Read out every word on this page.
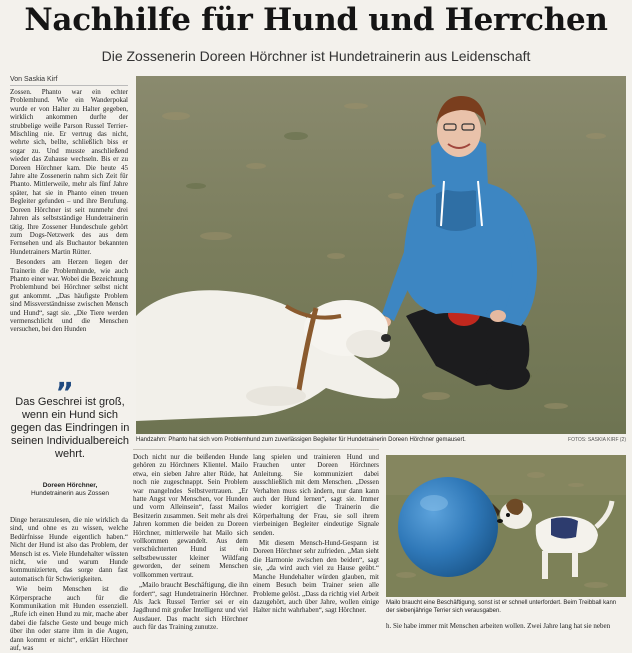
Nachhilfe für Hund und Herrchen
Die Zossenerin Doreen Hörchner ist Hundetrainerin aus Leidenschaft
Von Saskia Kirf

Zossen. Phanto war ein echter Problemhund. Wie ein Wanderpokal wurde er von Halter zu Halter gegeben, wirklich ankommen durfte der strubbelige weiße Parson Russel Terrier-Mischling nie. Er vertrug das nicht, wehrte sich, bellte, schließlich biss er sogar zu. Und musste anschließend wieder das Zuhause wechseln. Bis er zu Doreen Hörchner kam. Die heute 45 Jahre alte Zossenerin nahm sich Zeit für Phanto. Mittlerweile, mehr als fünf Jahre später, hat sie in Phanto einen treuen Begleiter gefunden – und ihre Berufung. Doreen Hörchner ist seit nunmehr drei Jahren als selbstständige Hundetrainerin tätig. Ihre Zossener Hundeschule gehört zum Dogs-Netzwerk des aus dem Fernsehen und als Buchautor bekannten Hundetrainers Martin Rütter.

Besonders am Herzen liegen der Trainerin die Problemhunde, wie auch Phanto einer war. Wobei die Bezeichnung Problemhund bei Hörchner selbst nicht gut ankommt. „Das häufigste Problem sind Missverständnisse zwischen Mensch und Hund“, sagt sie. „Die Tiere werden vermenschlicht und die Menschen versuchen, bei den Hunden

„
Das Geschrei ist groß, wenn ein Hund sich gegen das Eindringen in seinen Individualbereich wehrt.
Doreen Hörchner,
Hundetrainerin aus Zossen

Dinge herauszulesen, die nie wirklich da sind, und ohne es zu wissen, welche Bedürfnisse Hunde eigentlich haben.“ Nicht der Hund ist also das Problem, der Mensch ist es. Viele Hundehalter wüssten nicht, wie und warum Hunde kommunizierten, das sorge dann fast automatisch für Schwierigkeiten.

Wie beim Menschen ist die Körpersprache auch für die Kommunikation mit Hunden essenziell. „Rufe ich einen Hund zu mir, mache aber dabei die falsche Geste und beuge mich über ihn oder starre ihm in die Augen, dann kommt er nicht“, erklärt Hörchner auf, was

Handzahm: Phanto hat sich vom Problemhund zum zuverlässigen Begleiter für Hundetrainerin Doreen Hörchner gemausert.	FOTOS: SASKIA KIRF (2)

Doch nicht nur die beißenden Hunde gehören zu Hörchners Klientel. Mailo etwa, ein sieben Jahre alter Rüde, hat noch nie zugeschnappt. Sein Problem war mangelndes Selbstvertrauen. „Er hatte Angst vor Menschen, vor Hunden und vorm Alleinsein“, fasst Mailos Besitzerin zusammen. Seit mehr als drei Jahren kommen die beiden zu Doreen Hörchner, mittlerweile hat Mailo sich vollkommen gewandelt. Aus dem verschüchterten Hund ist ein selbstbewusster kleiner Wildfang geworden, der seinem Menschen vollkommen vertraut.

„Mailo braucht Beschäftigung, die ihn fordert“, sagt Hundetrainerin Hörchner. Als Jack Russel Terrier sei er ein Jagdhund mit großer Intelligenz und viel Ausdauer. Das macht sich Hörchner auch für das Training zunutze.

lang spielen und trainieren Hund und Frauchen unter Doreen Hörchners Anleitung. Sie kommuniziert dabei ausschließlich mit dem Menschen. „Dessen Verhalten muss sich ändern, nur dann kann auch der Hund lernen“, sagt sie. Immer wieder korrigiert die Trainerin die Körperhaltung der Frau, sie soll ihrem vierbeinigen Begleiter eindeutige Signale senden.

Mit diesem Mensch-Hund-Gespann ist Doreen Hörchner sehr zufrieden. „Man sieht die Harmonie zwischen den beiden“, sagt sie, „da wird auch viel zu Hause geübt.“ Manche Hundehalter würden glauben, mit einem Besuch beim Trainer seien alle Probleme gelöst. „Dass da richtig viel Arbeit dazugehört, auch über Jahre, wollen einige Halter nicht wahrhaben“, sagt Hörchner.

Mailo braucht eine Beschäftigung, sonst ist er schnell unterfordert. Beim Treibball kann der siebenjährige Terrier sich verausgaben.

h. Sie habe immer mit Menschen arbeiten wollen. Zwei Jahre lang hat sie neben
